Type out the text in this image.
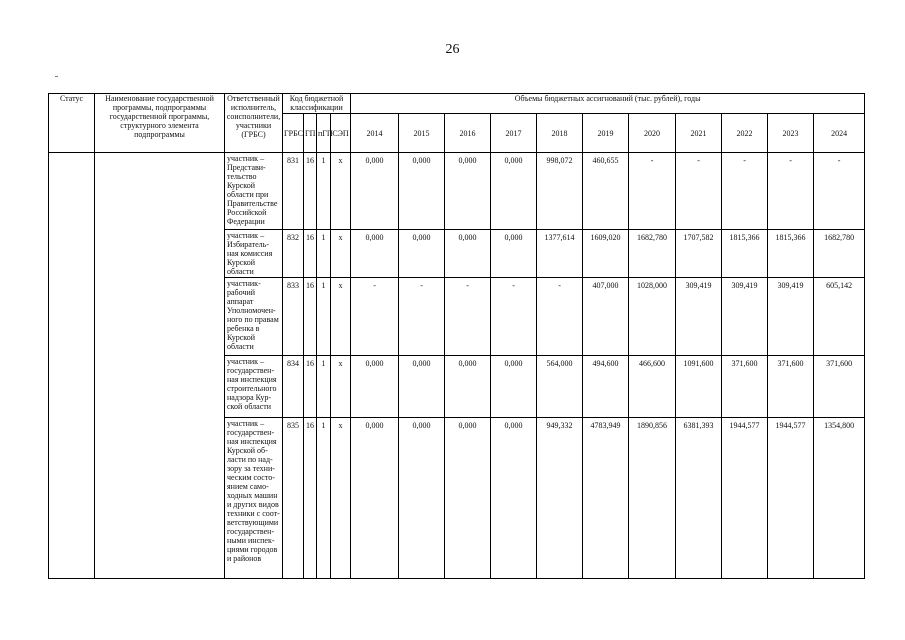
26
Статус	Наименование государственной программы, подпрограммы государственной программы, структурного элемента подпрограммы	Ответственный исполнитель, соисполнители, участники (ГРБС)	Код бюджетной классификации				Объемы бюджетных ассигнований (тыс. рублей), годы										
			ГРБС	ГП	пГП	СЭП	2014	2015	2016	2017	2018	2019	2020	2021	2022	2023	2024
		участник – Представи-тельство Курской области при Правительстве Российской Федерации	831	16	1	х	0,000	0,000	0,000	0,000	998,072	460,655	-	-	-	-	-
		участник – Избиратель-ная комиссия Курской области	832	16	1	х	0,000	0,000	0,000	0,000	1377,614	1609,020	1682,780	1707,582	1815,366	1815,366	1682,780
		участник-рабочий аппарат Уполномочен-ного по правам ребенка в Курской области	833	16	1	х	-	-	-	-	-	407,000	1028,000	309,419	309,419	309,419	605,142
		участник – государствен-ная инспекция строительного надзора Кур-ской области	834	16	1	х	0,000	0,000	0,000	0,000	564,000	494,600	466,600	1091,600	371,600	371,600	371,600
		участник – государствен-ная инспекция Курской об-ласти по над-зору за техни-ческим состо-янием само-ходных машин и других видов техники с соот-ветствующими государствен-ными инспек-циями городов и районов	835	16	1	х	0,000	0,000	0,000	0,000	949,332	4783,949	1890,856	6381,393	1944,577	1944,577	1354,800
